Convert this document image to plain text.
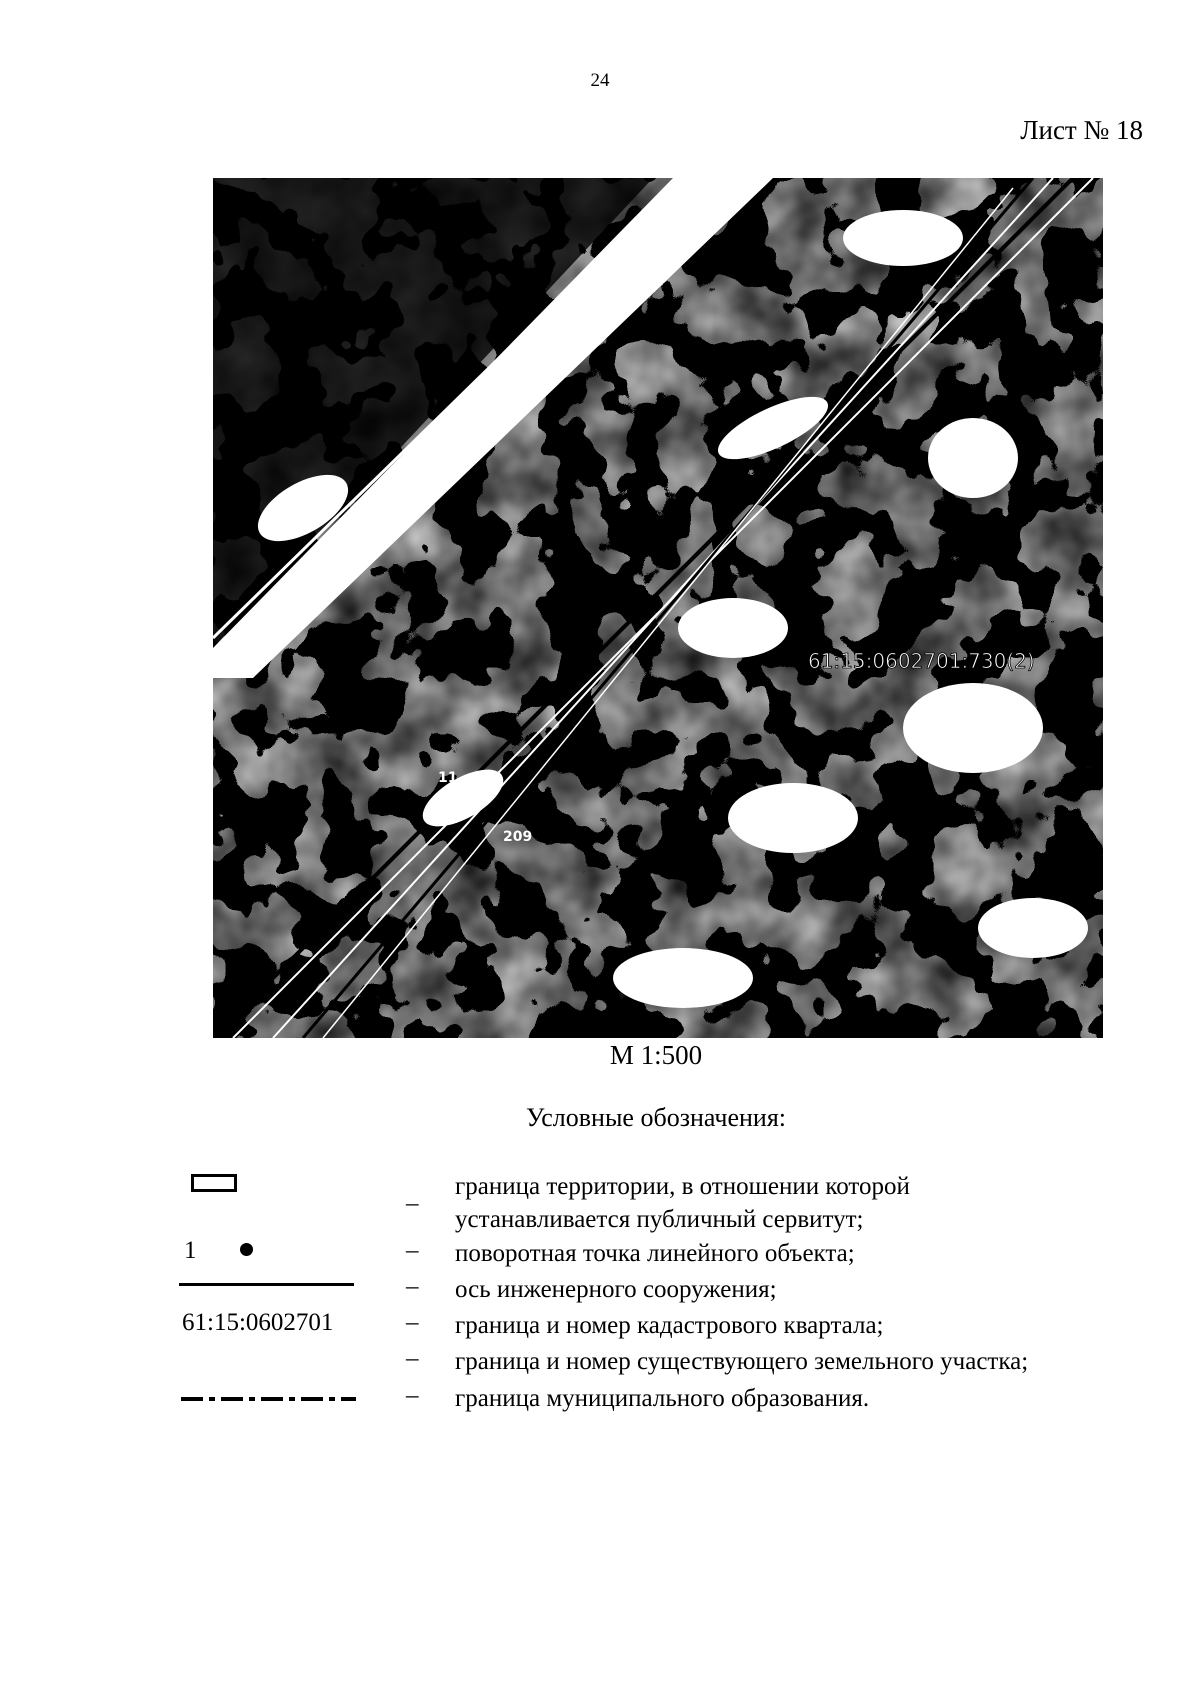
24
Лист № 18
61:15:0602701:730(2)
11
209
М 1:500
Условные обозначения:
–
граница территории, в отношении которой
устанавливается публичный сервитут;
1	– поворотная точка линейного объекта;
– ось инженерного сооружения;
61:15:0602701	– граница и номер кадастрового квартала;
– граница и номер существующего земельного участка;
– граница муниципального образования.
